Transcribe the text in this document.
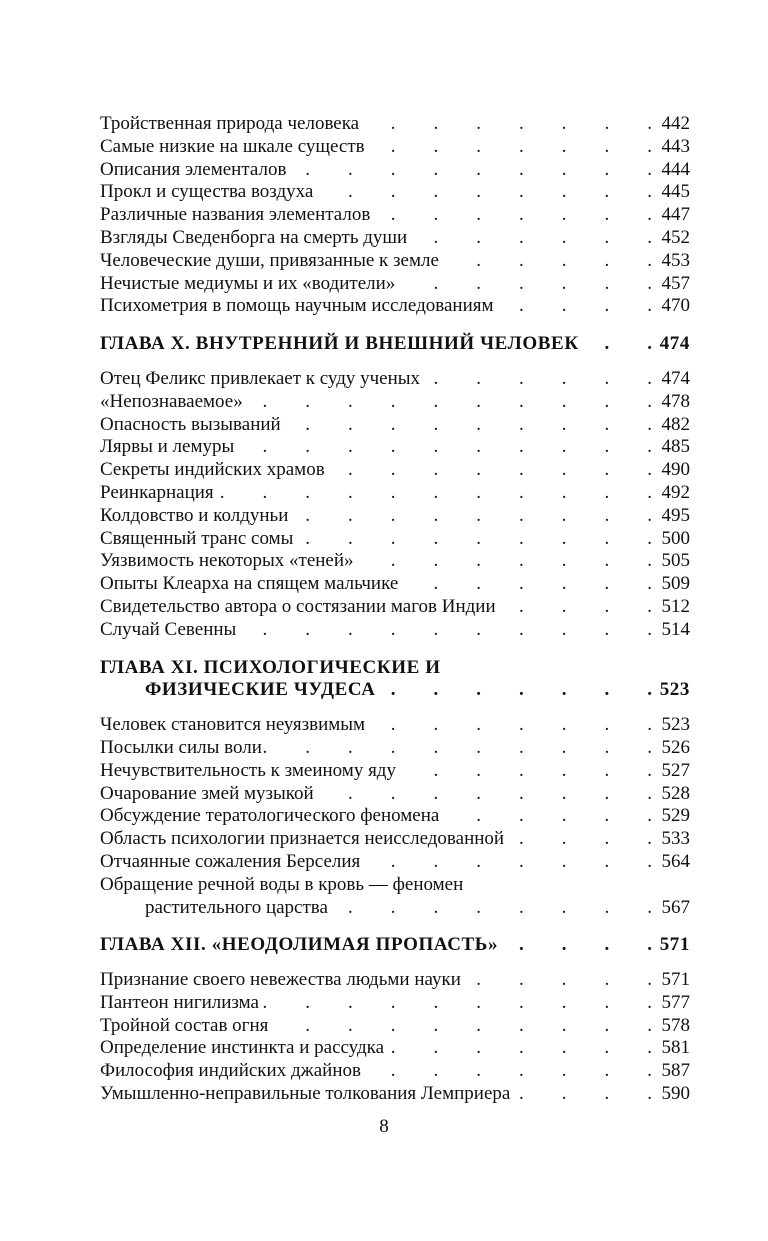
Тройственная природа человека .	442
Самые низкие на шкале существ .	443
Описания элементалов .	444
Прокл и существа воздуха .	445
Различные названия элементалов .	447
Взгляды Сведенборга на смерть души .	452
Человеческие души, привязанные к земле .	453
Нечистые медиумы и их «водители» .	457
Психометрия в помощь научным исследованиям .	470
ГЛАВА X. ВНУТРЕННИЙ И ВНЕШНИЙ ЧЕЛОВЕК .	474
Отец Феликс привлекает к суду ученых .	474
«Непознаваемое» .	478
Опасность вызываний .	482
Лярвы и лемуры .	485
Секреты индийских храмов .	490
Реинкарнация .	492
Колдовство и колдуньи .	495
Священный транс сомы .	500
Уязвимость некоторых «теней» .	505
Опыты Клеарха на спящем мальчике .	509
Свидетельство автора о состязании магов Индии .	512
Случай Севенны .	514
ГЛАВА XI. ПСИХОЛОГИЧЕСКИЕ И
ФИЗИЧЕСКИЕ ЧУДЕСА .	523
Человек становится неуязвимым .	523
Посылки силы воли .	526
Нечувствительность к змеиному яду .	527
Очарование змей музыкой .	528
Обсуждение тератологического феномена .	529
Область психологии признается неисследованной .	533
Отчаянные сожаления Берселия .	564
Обращение речной воды в кровь — феномен
растительного царства .	567
ГЛАВА XII. «НЕОДОЛИМАЯ ПРОПАСТЬ» .	571
Признание своего невежества людьми науки .	571
Пантеон нигилизма .	577
Тройной состав огня .	578
Определение инстинкта и рассудка .	581
Философия индийских джайнов .	587
Умышленно-неправильные толкования Лемприера .	590
8
